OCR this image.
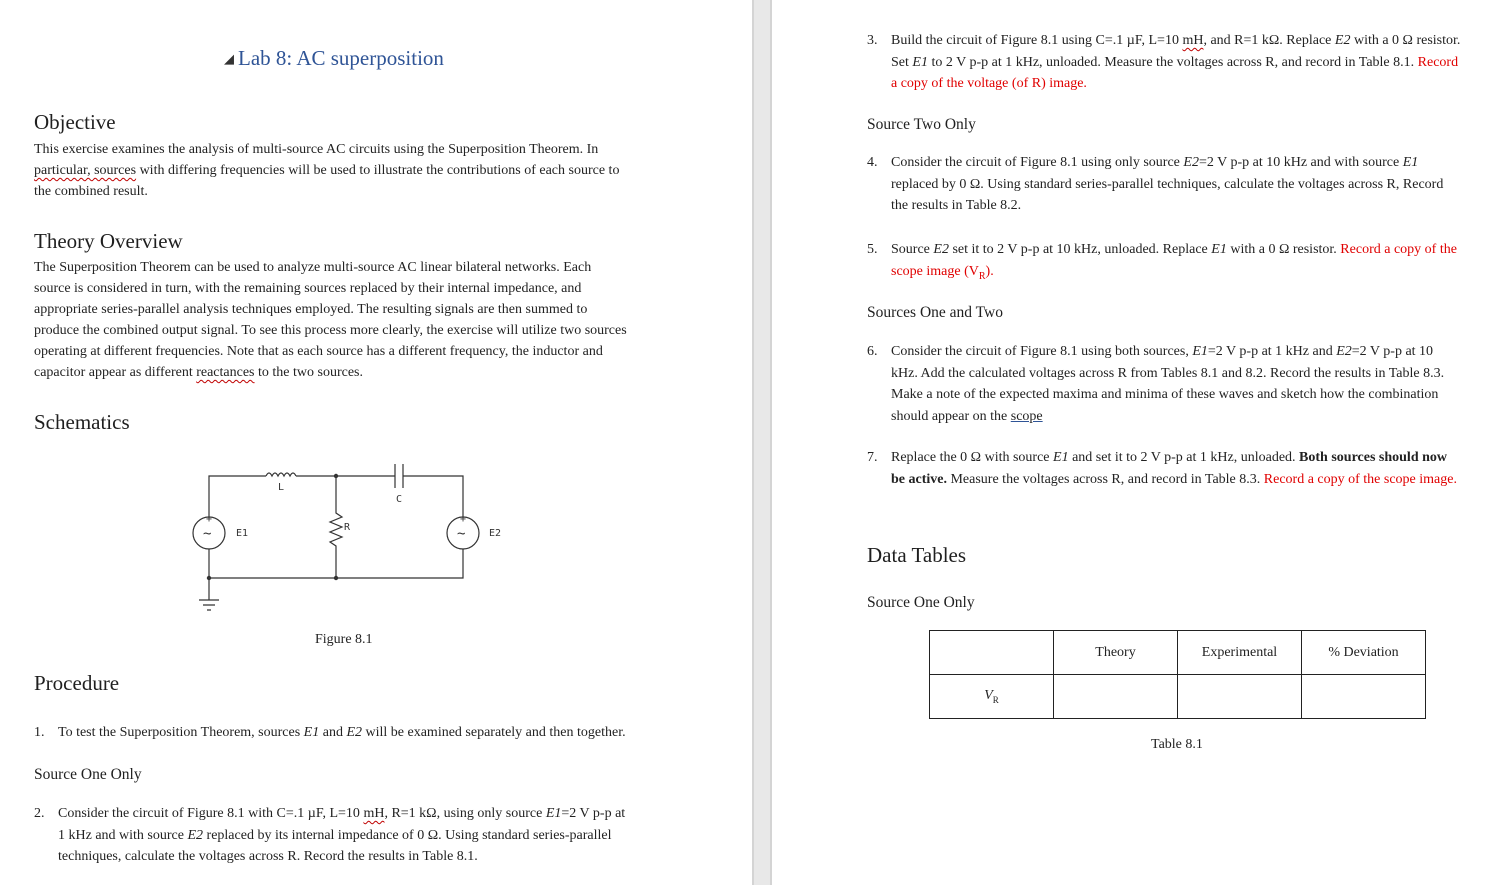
◢ Lab 8: AC superposition
Objective
This exercise examines the analysis of multi-source AC circuits using the Superposition Theorem. In
particular, sources with differing frequencies will be used to illustrate the contributions of each source to
the combined result.
Theory Overview
The Superposition Theorem can be used to analyze multi-source AC linear bilateral networks. Each
source is considered in turn, with the remaining sources replaced by their internal impedance, and
appropriate series-parallel analysis techniques employed. The resulting signals are then summed to
produce the combined output signal. To see this process more clearly, the exercise will utilize two sources
operating at different frequencies. Note that as each source has a different frequency, the inductor and
capacitor appear as different reactances to the two sources.
Schematics
L
C
R
E1	E2
+
−
~
+
−
~
Figure 8.1
Procedure
1. To test the Superposition Theorem, sources E1 and E2 will be examined separately and then together.
Source One Only
2. Consider the circuit of Figure 8.1 with C=.1 µF, L=10 mH, R=1 kΩ, using only source E1=2 V p-p at
1 kHz and with source E2 replaced by its internal impedance of 0 Ω. Using standard series-parallel
techniques, calculate the voltages across R. Record the results in Table 8.1.
3. Build the circuit of Figure 8.1 using C=.1 µF, L=10 mH, and R=1 kΩ. Replace E2 with a 0 Ω resistor.
Set E1 to 2 V p-p at 1 kHz, unloaded. Measure the voltages across R, and record in Table 8.1. Record
a copy of the voltage (of R) image.
Source Two Only
4. Consider the circuit of Figure 8.1 using only source E2=2 V p-p at 10 kHz and with source E1
replaced by 0 Ω. Using standard series-parallel techniques, calculate the voltages across R, Record
the results in Table 8.2.
5. Source E2 set it to 2 V p-p at 10 kHz, unloaded. Replace E1 with a 0 Ω resistor. Record a copy of the
scope image $(V_R)$.
Sources One and Two
6. Consider the circuit of Figure 8.1 using both sources, E1=2 V p-p at 1 kHz and E2=2 V p-p at 10
kHz. Add the calculated voltages across R from Tables 8.1 and 8.2. Record the results in Table 8.3.
Make a note of the expected maxima and minima of these waves and sketch how the combination
should appear on the scope
7. Replace the 0 Ω with source E1 and set it to 2 V p-p at 1 kHz, unloaded. Both sources should now
be active. Measure the voltages across R, and record in Table 8.3. Record a copy of the scope image.
Data Tables
Source One Only
	Theory	Experimental	% Deviation
$V_R$			
Table 8.1
